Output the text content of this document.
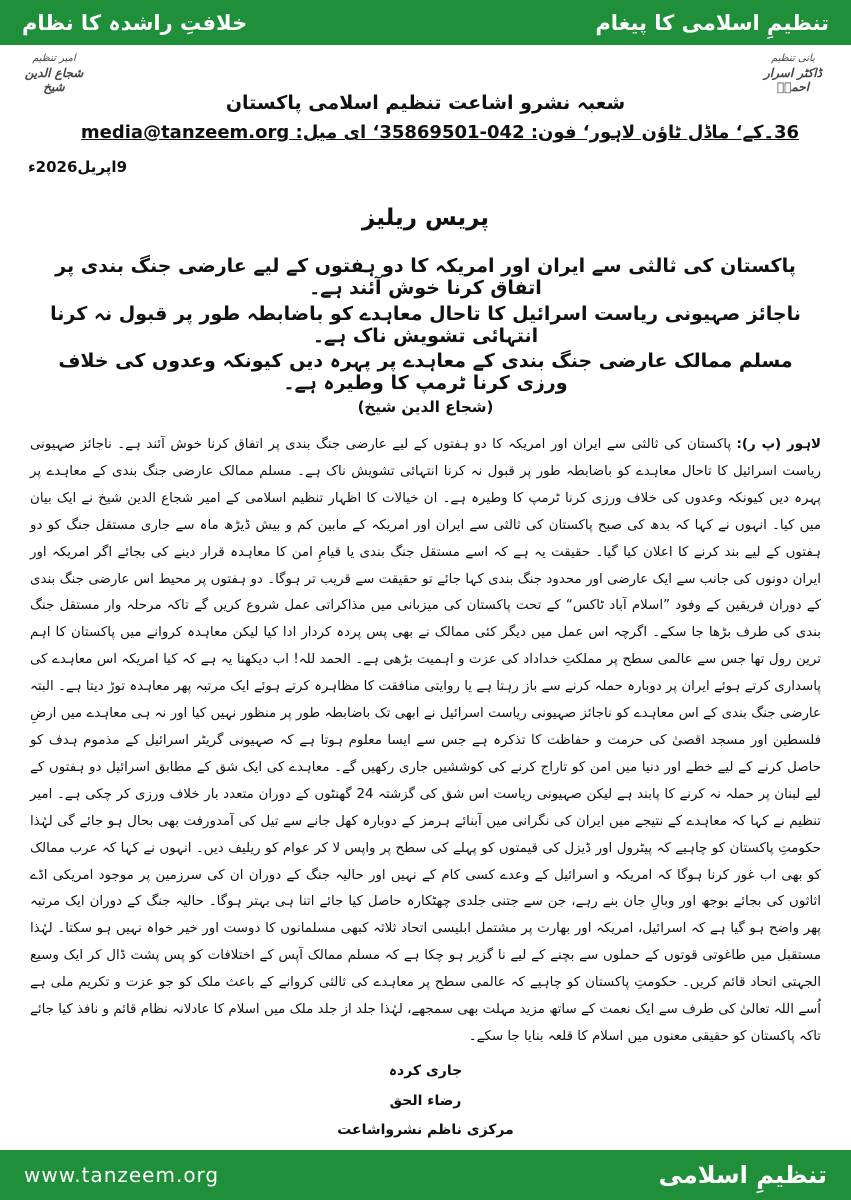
خلافتِ راشدہ کا نظام	تنظیمِ اسلامی کا پیغام
امیر تنظیم
شجاع الدین شیخ
بانی تنظیم
ڈاکٹر اسرار احمدؒ
شعبہ نشرو اشاعت تنظیم اسلامی پاکستان
36۔کے‘ ماڈل ٹاؤن لاہور‘ فون: 042-35869501‘ ای میل: media@tanzeem.org
9اپریل2026ء
پریس ریلیز
پاکستان کی ثالثی سے ایران اور امریکہ کا دو ہفتوں کے لیے عارضی جنگ بندی پر اتفاق کرنا خوش آئند ہے۔
ناجائز صہیونی ریاست اسرائیل کا تاحال معاہدے کو باضابطہ طور پر قبول نہ کرنا انتہائی تشویش ناک ہے۔
مسلم ممالک عارضی جنگ بندی کے معاہدے پر پہرہ دیں کیونکہ وعدوں کی خلاف ورزی کرنا ٹرمپ کا وطیرہ ہے۔
(شجاع الدین شیخ)
لاہور (پ ر): پاکستان کی ثالثی سے ایران اور امریکہ کا دو ہفتوں کے لیے عارضی جنگ بندی پر اتفاق کرنا خوش آئند ہے۔ ناجائز صہیونی ریاست اسرائیل کا تاحال معاہدے کو باضابطہ طور پر قبول نہ کرنا انتہائی تشویش ناک ہے۔ مسلم ممالک عارضی جنگ بندی کے معاہدے پر پہرہ دیں کیونکہ وعدوں کی خلاف ورزی کرنا ٹرمپ کا وطیرہ ہے۔ ان خیالات کا اظہار تنظیم اسلامی کے امیر شجاع الدین شیخ نے ایک بیان میں کیا۔ انہوں نے کہا کہ بدھ کی صبح پاکستان کی ثالثی سے ایران اور امریکہ کے مابین کم و بیش ڈیڑھ ماہ سے جاری مستقل جنگ کو دو ہفتوں کے لیے بند کرنے کا اعلان کیا گیا۔ حقیقت یہ ہے کہ اسے مستقل جنگ بندی یا قیامِ امن کا معاہدہ قرار دینے کی بجائے اگر امریکہ اور ایران دونوں کی جانب سے ایک عارضی اور محدود جنگ بندی کہا جائے تو حقیقت سے قریب تر ہوگا۔ دو ہفتوں پر محیط اس عارضی جنگ بندی کے دوران فریقین کے وفود ”اسلام آباد ٹاکس“ کے تحت پاکستان کی میزبانی میں مذاکراتی عمل شروع کریں گے تاکہ مرحلہ وار مستقل جنگ بندی کی طرف بڑھا جا سکے۔ اگرچہ اس عمل میں دیگر کئی ممالک نے بھی پس پردہ کردار ادا کیا لیکن معاہدہ کروانے میں پاکستان کا اہم ترین رول تھا جس سے عالمی سطح پر مملکتِ خداداد کی عزت و اہمیت بڑھی ہے۔ الحمد للہ! اب دیکھنا یہ ہے کہ کیا امریکہ اس معاہدے کی پاسداری کرتے ہوئے ایران پر دوبارہ حملہ کرنے سے باز رہتا ہے یا روایتی منافقت کا مظاہرہ کرتے ہوئے ایک مرتبہ پھر معاہدہ توڑ دیتا ہے۔ البتہ عارضی جنگ بندی کے اس معاہدے کو ناجائز صہیونی ریاست اسرائیل نے ابھی تک باضابطہ طور پر منظور نہیں کیا اور نہ ہی معاہدے میں ارضِ فلسطین اور مسجد اقصیٰ کی حرمت و حفاظت کا تذکرہ ہے جس سے ایسا معلوم ہوتا ہے کہ صہیونی گریٹر اسرائیل کے مذموم ہدف کو حاصل کرنے کے لیے خطے اور دنیا میں امن کو تاراج کرنے کی کوششیں جاری رکھیں گے۔ معاہدے کی ایک شق کے مطابق اسرائیل دو ہفتوں کے لیے لبنان پر حملہ نہ کرنے کا پابند ہے لیکن صہیونی ریاست اس شق کی گزشتہ 24 گھنٹوں کے دوران متعدد بار خلاف ورزی کر چکی ہے۔ امیر تنظیم نے کہا کہ معاہدے کے نتیجے میں ایران کی نگرانی میں آبنائے ہرمز کے دوبارہ کھل جانے سے تیل کی آمدورفت بھی بحال ہو جائے گی لہٰذا حکومتِ پاکستان کو چاہیے کہ پیٹرول اور ڈیزل کی قیمتوں کو پہلے کی سطح پر واپس لا کر عوام کو ریلیف دیں۔ انہوں نے کہا کہ عرب ممالک کو بھی اب غور کرنا ہوگا کہ امریکہ و اسرائیل کے وعدے کسی کام کے نہیں اور حالیہ جنگ کے دوران ان کی سرزمین پر موجود امریکی اڈے اثاثوں کی بجائے بوجھ اور وبالِ جان بنے رہے، جن سے جتنی جلدی چھٹکارہ حاصل کیا جائے اتنا ہی بہتر ہوگا۔ حالیہ جنگ کے دوران ایک مرتبہ پھر واضح ہو گیا ہے کہ اسرائیل، امریکہ اور بھارت پر مشتمل ابلیسی اتحاد ثلاثہ کبھی مسلمانوں کا دوست اور خیر خواہ نہیں ہو سکتا۔ لہٰذا مستقبل میں طاغوتی قوتوں کے حملوں سے بچنے کے لیے نا گزیر ہو چکا ہے کہ مسلم ممالک آپس کے اختلافات کو پس پشت ڈال کر ایک وسیع الجہتی اتحاد قائم کریں۔ حکومتِ پاکستان کو چاہیے کہ عالمی سطح پر معاہدے کی ثالثی کروانے کے باعث ملک کو جو عزت و تکریم ملی ہے اُسے اللہ تعالیٰ کی طرف سے ایک نعمت کے ساتھ مزید مہلت بھی سمجھے، لہٰذا جلد از جلد ملک میں اسلام کا عادلانہ نظام قائم و نافذ کیا جائے تاکہ پاکستان کو حقیقی معنوں میں اسلام کا قلعہ بنایا جا سکے۔
جاری کردہ
رضاء الحق
مرکزی ناظم نشرواشاعت
www.tanzeem.org	تنظیمِ اسلامی
